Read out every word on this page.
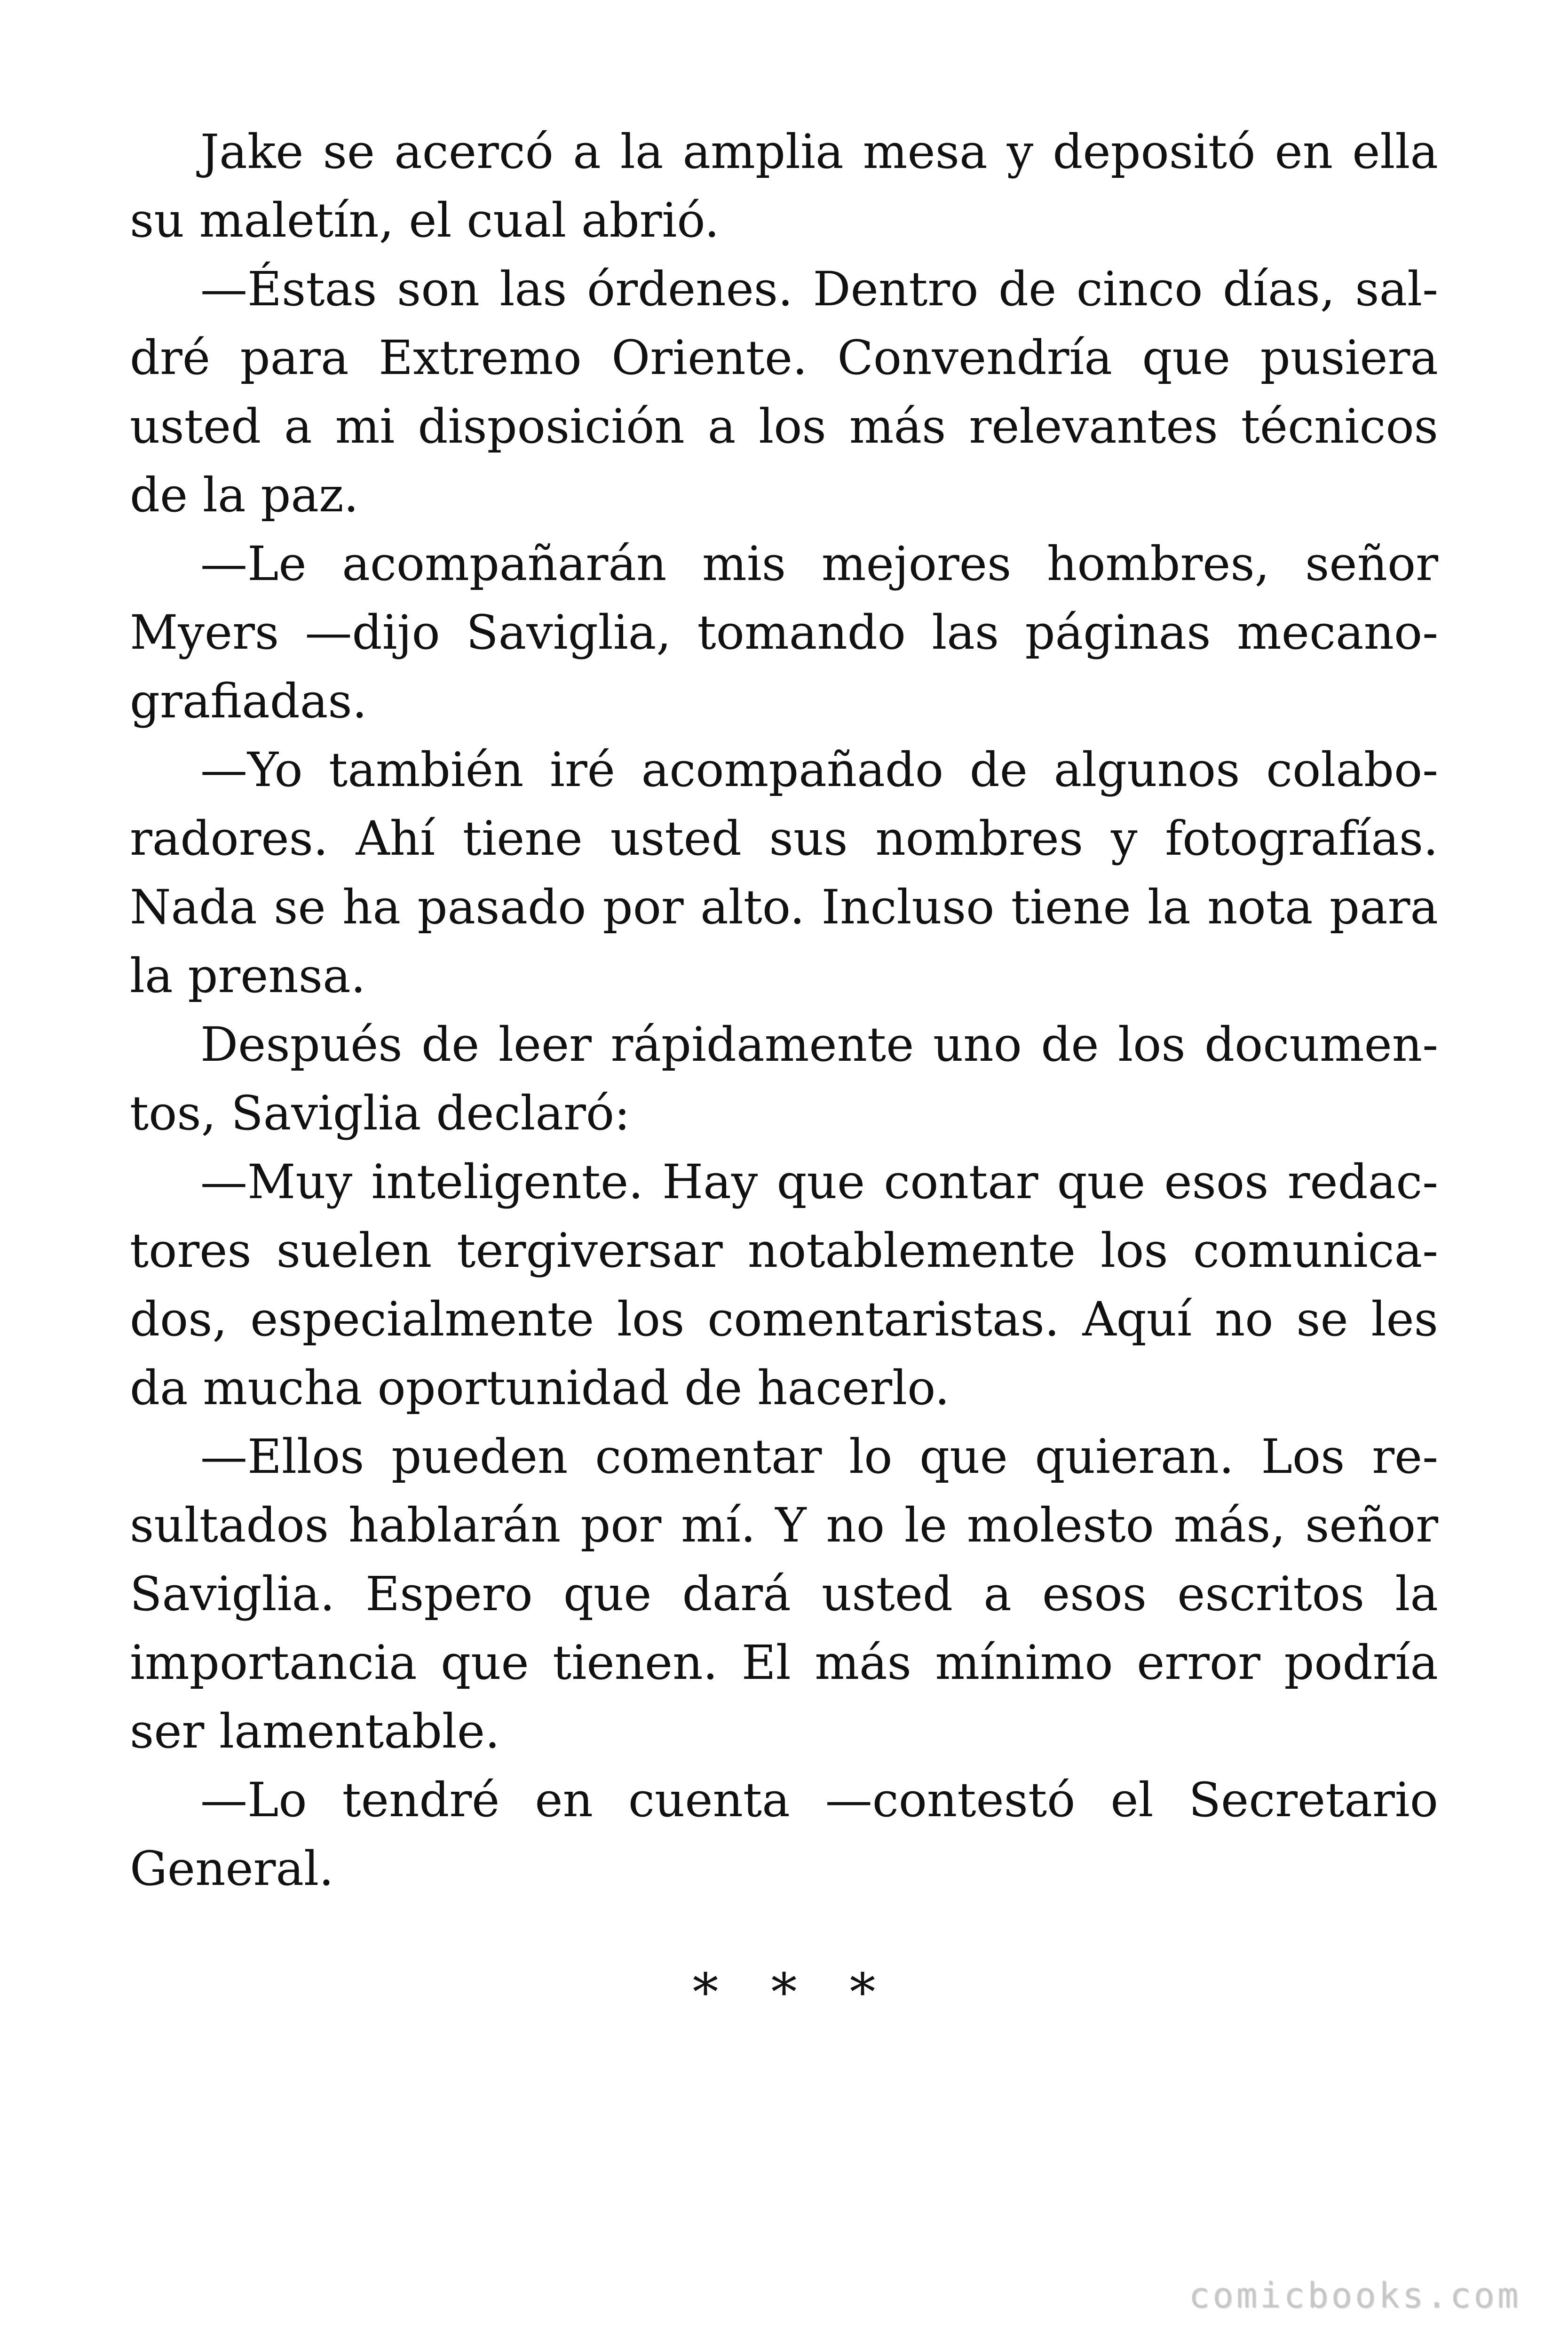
Jake se acercó a la amplia mesa y depositó en ella su maletín, el cual abrió.

—Éstas son las órdenes. Dentro de cinco días, saldré para Extremo Oriente. Convendría que pusiera usted a mi disposición a los más relevantes técnicos de la paz.

—Le acompañarán mis mejores hombres, señor Myers —dijo Saviglia, tomando las páginas mecanografiadas.

—Yo también iré acompañado de algunos colaboradores. Ahí tiene usted sus nombres y fotografías. Nada se ha pasado por alto. Incluso tiene la nota para la prensa.

Después de leer rápidamente uno de los documentos, Saviglia declaró:

—Muy inteligente. Hay que contar que esos redactores suelen tergiversar notablemente los comunicados, especialmente los comentaristas. Aquí no se les da mucha oportunidad de hacerlo.

—Ellos pueden comentar lo que quieran. Los resultados hablarán por mí. Y no le molesto más, señor Saviglia. Espero que dará usted a esos escritos la importancia que tienen. El más mínimo error podría ser lamentable.

—Lo tendré en cuenta —contestó el Secretario General.

* * *
comicbooks.com
